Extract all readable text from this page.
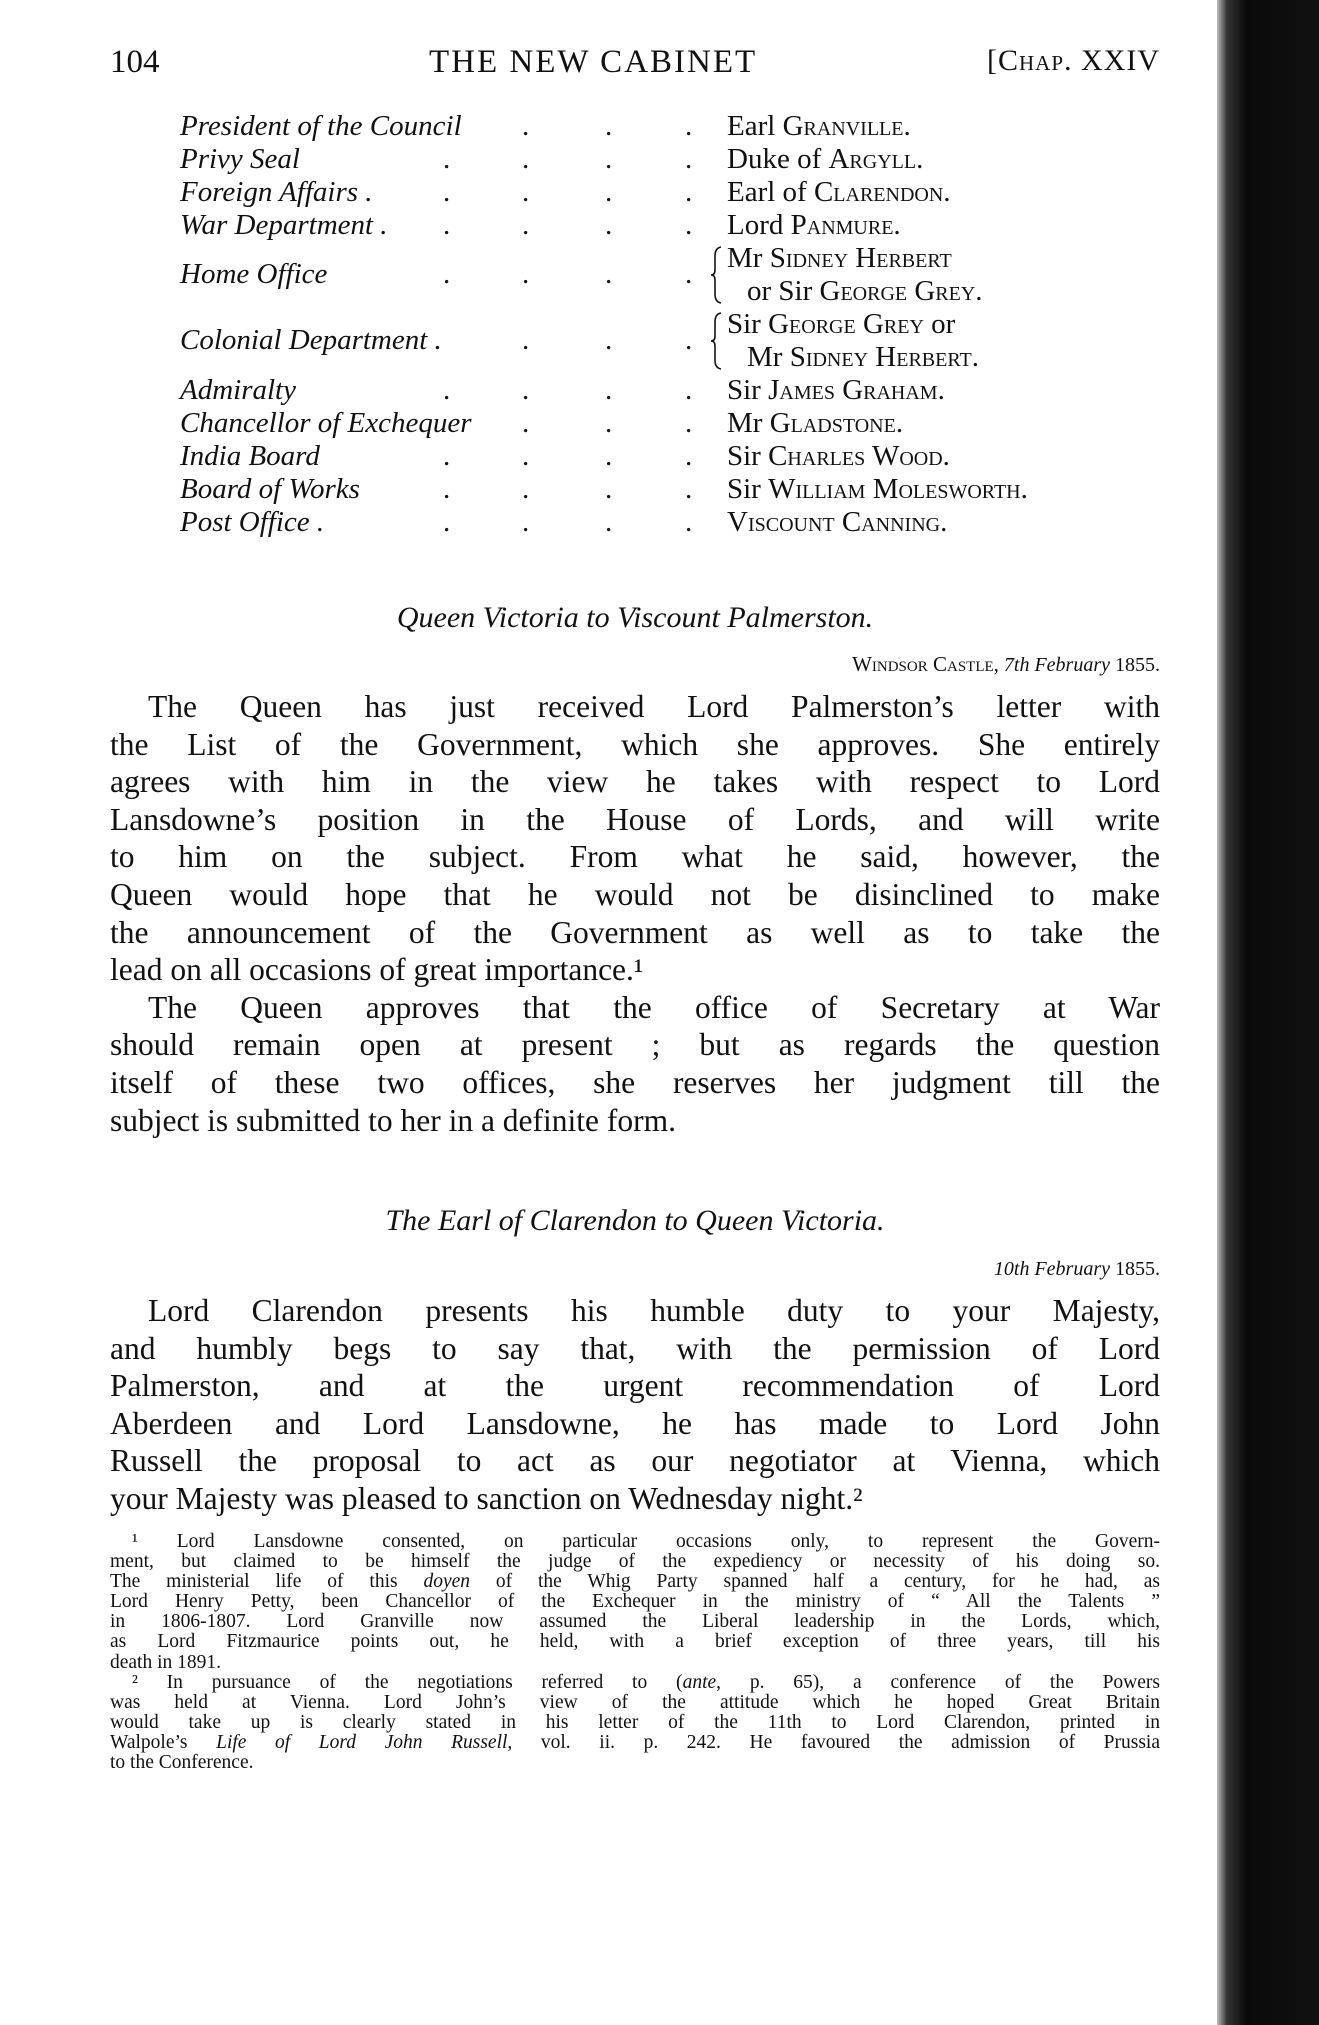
104	THE NEW CABINET	[Chap. XXIV
President of the Council .	.	. Earl Granville.
Privy Seal	. .	.	. Duke of Argyll.
Foreign Affairs . . .	.	. Earl of Clarendon.
War Department . . .	.	. Lord Panmure.
Home Office	. .	.	. Mr Sidney Herbert
or Sir George Grey.
Colonial Department .	.	.	. Sir George Grey or
Mr Sidney Herbert.
Admiralty	. .	.	. Sir James Graham.
Chancellor of Exchequer .	.	. Mr Gladstone.
India Board	. .	.	. Sir Charles Wood.
Board of Works	. .	.	. Sir William Molesworth.
Post Office .	. .	.	. Viscount Canning.
Queen Victoria to Viscount Palmerston.
Windsor Castle, 7th February 1855.
The Queen has just received Lord Palmerston’s letter with
the List of the Government, which she approves. She entirely
agrees with him in the view he takes with respect to Lord
Lansdowne’s position in the House of Lords, and will write
to him on the subject. From what he said, however, the
Queen would hope that he would not be disinclined to make
the announcement of the Government as well as to take the
lead on all occasions of great importance.¹
The Queen approves that the office of Secretary at War
should remain open at present ; but as regards the question
itself of these two offices, she reserves her judgment till the
subject is submitted to her in a definite form.
The Earl of Clarendon to Queen Victoria.
10th February 1855.
Lord Clarendon presents his humble duty to your Majesty,
and humbly begs to say that, with the permission of Lord
Palmerston, and at the urgent recommendation of Lord
Aberdeen and Lord Lansdowne, he has made to Lord John
Russell the proposal to act as our negotiator at Vienna, which
your Majesty was pleased to sanction on Wednesday night.²
¹ Lord Lansdowne consented, on particular occasions only, to represent the Govern-
ment, but claimed to be himself the judge of the expediency or necessity of his doing so.
The ministerial life of this doyen of the Whig Party spanned half a century, for he had, as
Lord Henry Petty, been Chancellor of the Exchequer in the ministry of “ All the Talents ”
in 1806-1807. Lord Granville now assumed the Liberal leadership in the Lords, which,
as Lord Fitzmaurice points out, he held, with a brief exception of three years, till his
death in 1891.
² In pursuance of the negotiations referred to (ante, p. 65), a conference of the Powers
was held at Vienna. Lord John’s view of the attitude which he hoped Great Britain
would take up is clearly stated in his letter of the 11th to Lord Clarendon, printed in
Walpole’s Life of Lord John Russell, vol. ii. p. 242. He favoured the admission of Prussia
to the Conference.
